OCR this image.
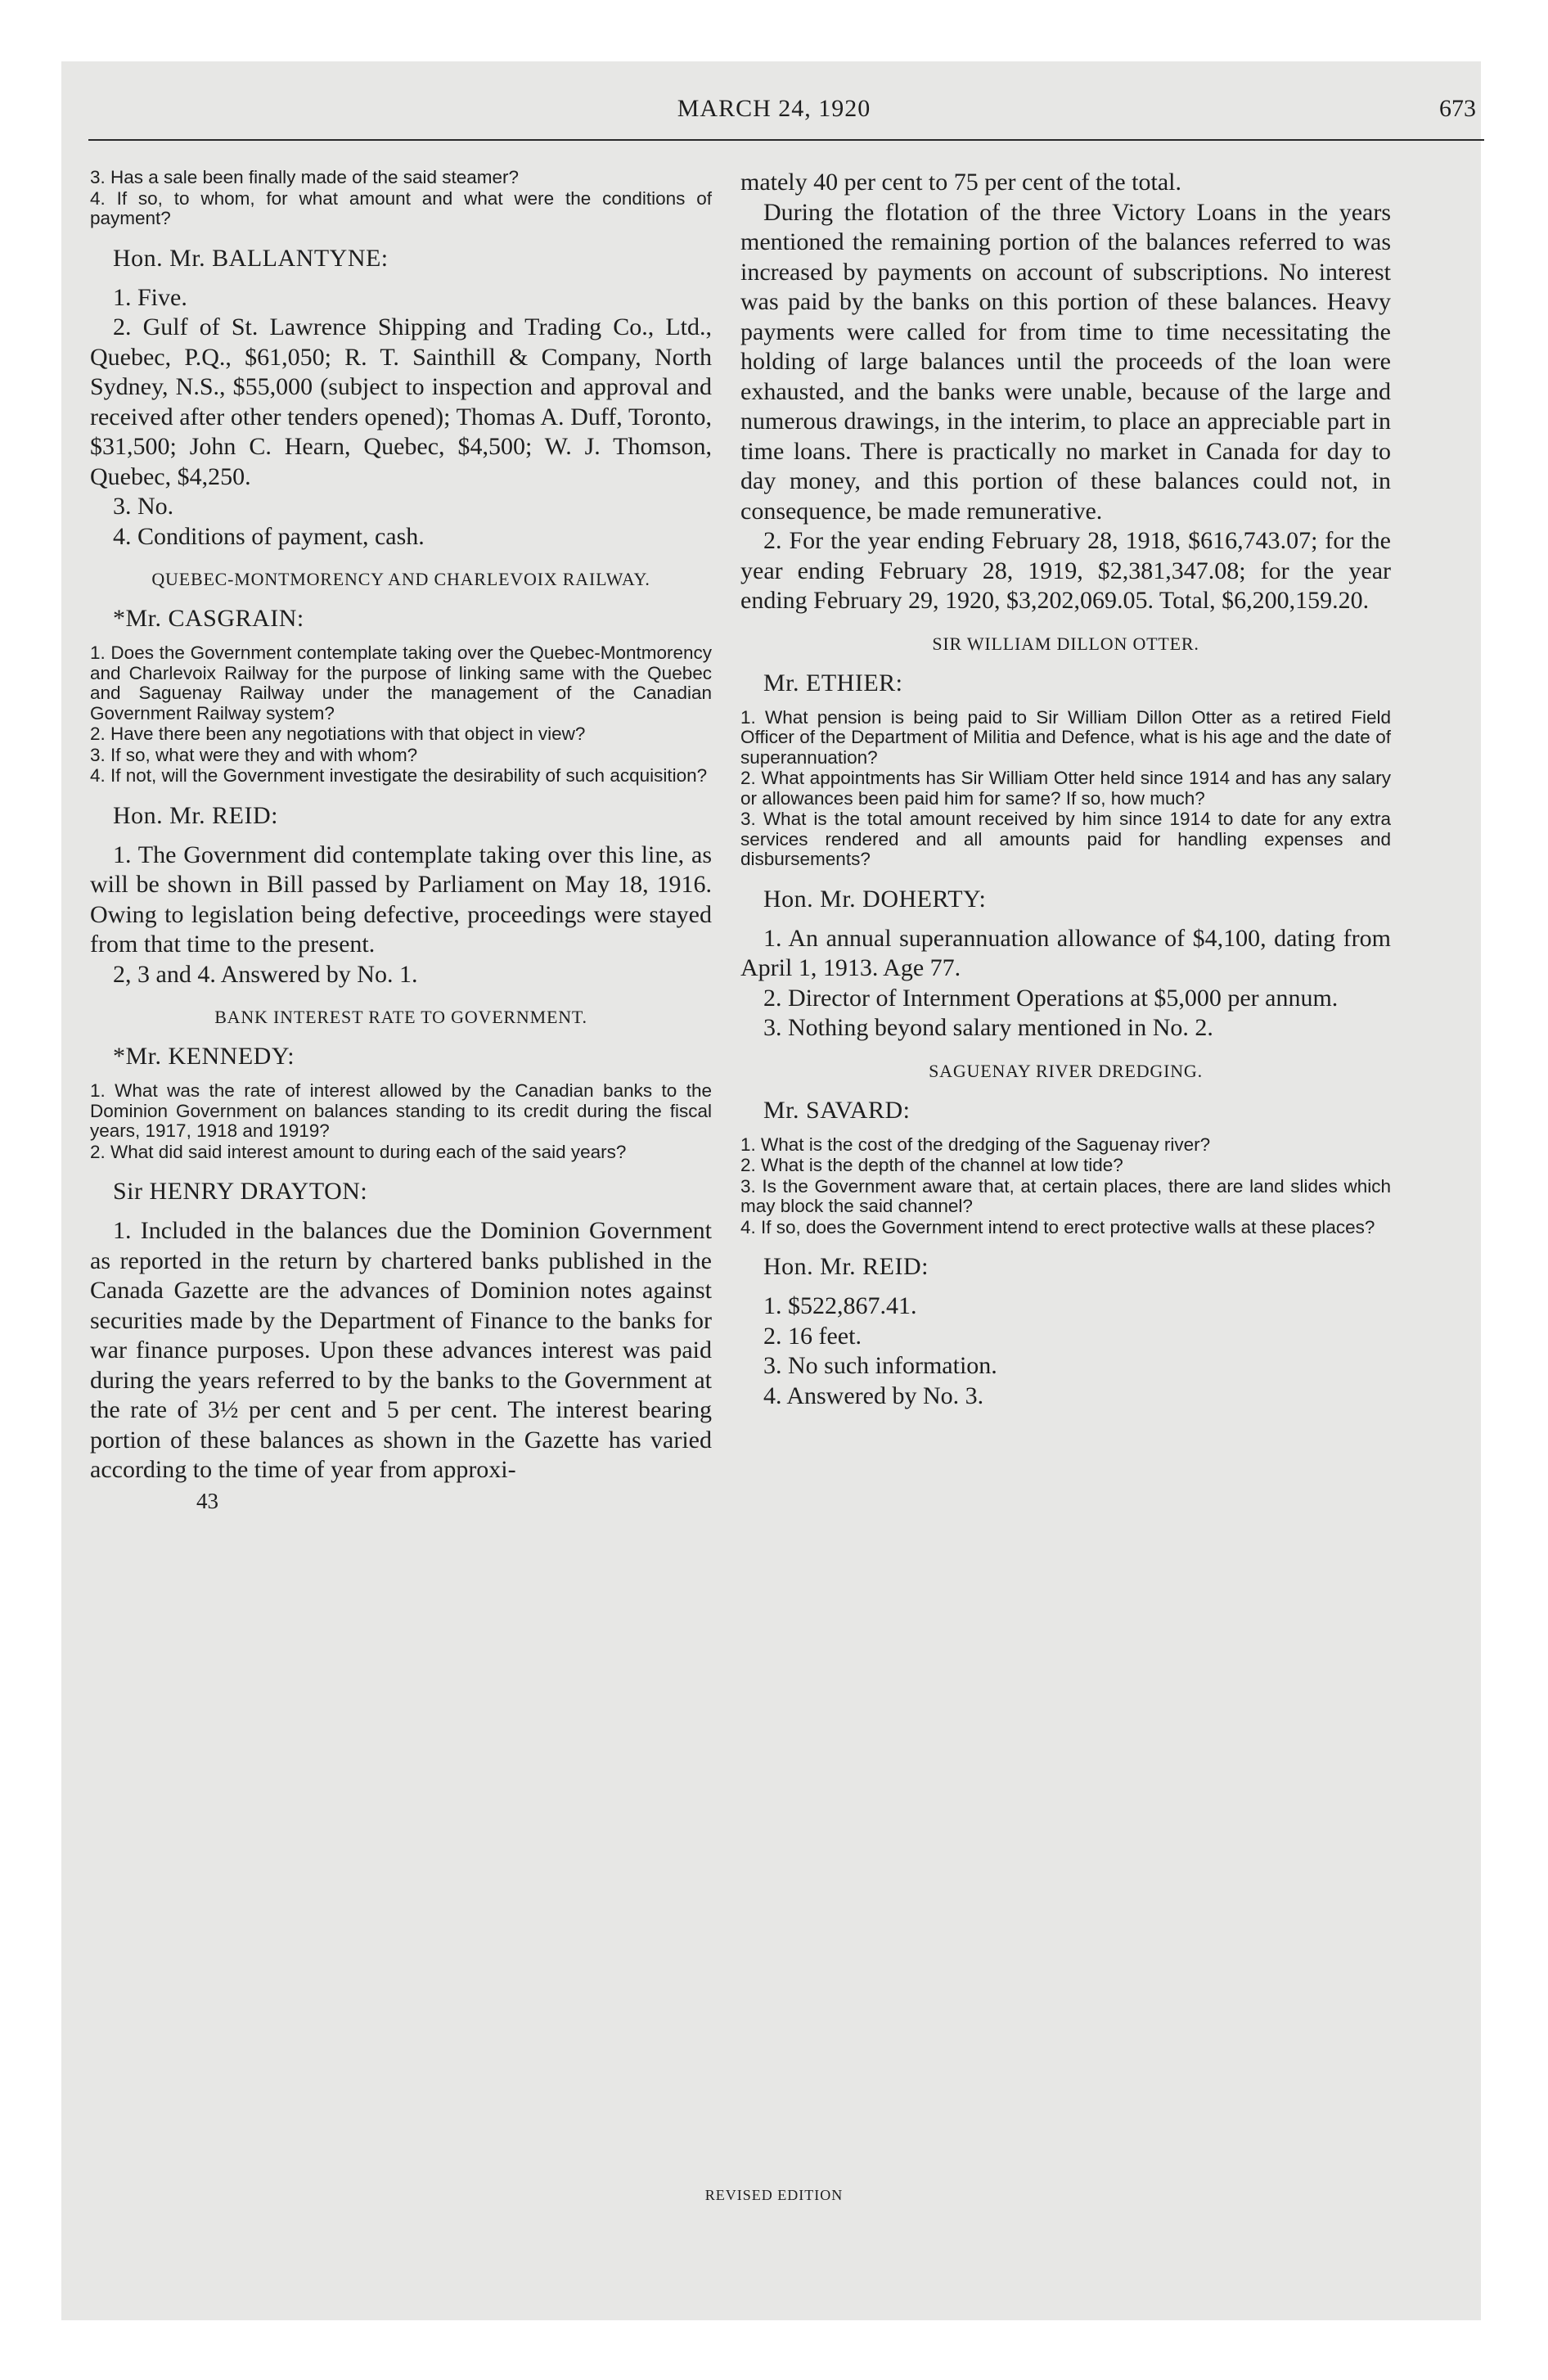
MARCH 24, 1920	673

3. Has a sale been finally made of the said steamer?

4. If so, to whom, for what amount and what were the conditions of payment?

Hon. Mr. BALLANTYNE:

1. Five.

2. Gulf of St. Lawrence Shipping and Trading Co., Ltd., Quebec, P.Q., $61,050; R. T. Sainthill & Company, North Sydney, N.S., $55,000 (subject to inspection and approval and received after other tenders opened); Thomas A. Duff, Toronto, $31,500; John C. Hearn, Quebec, $4,500; W. J. Thomson, Quebec, $4,250.

3. No.

4. Conditions of payment, cash.

QUEBEC-MONTMORENCY AND CHARLEVOIX RAILWAY.

*Mr. CASGRAIN:

1. Does the Government contemplate taking over the Quebec-Montmorency and Charlevoix Railway for the purpose of linking same with the Quebec and Saguenay Railway under the management of the Canadian Government Railway system?

2. Have there been any negotiations with that object in view?

3. If so, what were they and with whom?

4. If not, will the Government investigate the desirability of such acquisition?

Hon. Mr. REID:

1. The Government did contemplate taking over this line, as will be shown in Bill passed by Parliament on May 18, 1916. Owing to legislation being defective, proceedings were stayed from that time to the present.

2, 3 and 4. Answered by No. 1.

BANK INTEREST RATE TO GOVERNMENT.

*Mr. KENNEDY:

1. What was the rate of interest allowed by the Canadian banks to the Dominion Government on balances standing to its credit during the fiscal years, 1917, 1918 and 1919?

2. What did said interest amount to during each of the said years?

Sir HENRY DRAYTON:

1. Included in the balances due the Dominion Government as reported in the return by chartered banks published in the Canada Gazette are the advances of Dominion notes against securities made by the Department of Finance to the banks for war finance purposes. Upon these advances interest was paid during the years referred to by the banks to the Government at the rate of 3½ per cent and 5 per cent. The interest bearing portion of these balances as shown in the Gazette has varied according to the time of year from approxi-

43

mately 40 per cent to 75 per cent of the total.

During the flotation of the three Victory Loans in the years mentioned the remaining portion of the balances referred to was increased by payments on account of subscriptions. No interest was paid by the banks on this portion of these balances. Heavy payments were called for from time to time necessitating the holding of large balances until the proceeds of the loan were exhausted, and the banks were unable, because of the large and numerous drawings, in the interim, to place an appreciable part in time loans. There is practically no market in Canada for day to day money, and this portion of these balances could not, in consequence, be made remunerative.

2. For the year ending February 28, 1918, $616,743.07; for the year ending February 28, 1919, $2,381,347.08; for the year ending February 29, 1920, $3,202,069.05. Total, $6,200,159.20.

SIR WILLIAM DILLON OTTER.

Mr. ETHIER:

1. What pension is being paid to Sir William Dillon Otter as a retired Field Officer of the Department of Militia and Defence, what is his age and the date of superannuation?

2. What appointments has Sir William Otter held since 1914 and has any salary or allowances been paid him for same? If so, how much?

3. What is the total amount received by him since 1914 to date for any extra services rendered and all amounts paid for handling expenses and disbursements?

Hon. Mr. DOHERTY:

1. An annual superannuation allowance of $4,100, dating from April 1, 1913. Age 77.

2. Director of Internment Operations at $5,000 per annum.

3. Nothing beyond salary mentioned in No. 2.

SAGUENAY RIVER DREDGING.

Mr. SAVARD:

1. What is the cost of the dredging of the Saguenay river?

2. What is the depth of the channel at low tide?

3. Is the Government aware that, at certain places, there are land slides which may block the said channel?

4. If so, does the Government intend to erect protective walls at these places?

Hon. Mr. REID:

1. $522,867.41.

2. 16 feet.

3. No such information.

4. Answered by No. 3.

REVISED EDITION
